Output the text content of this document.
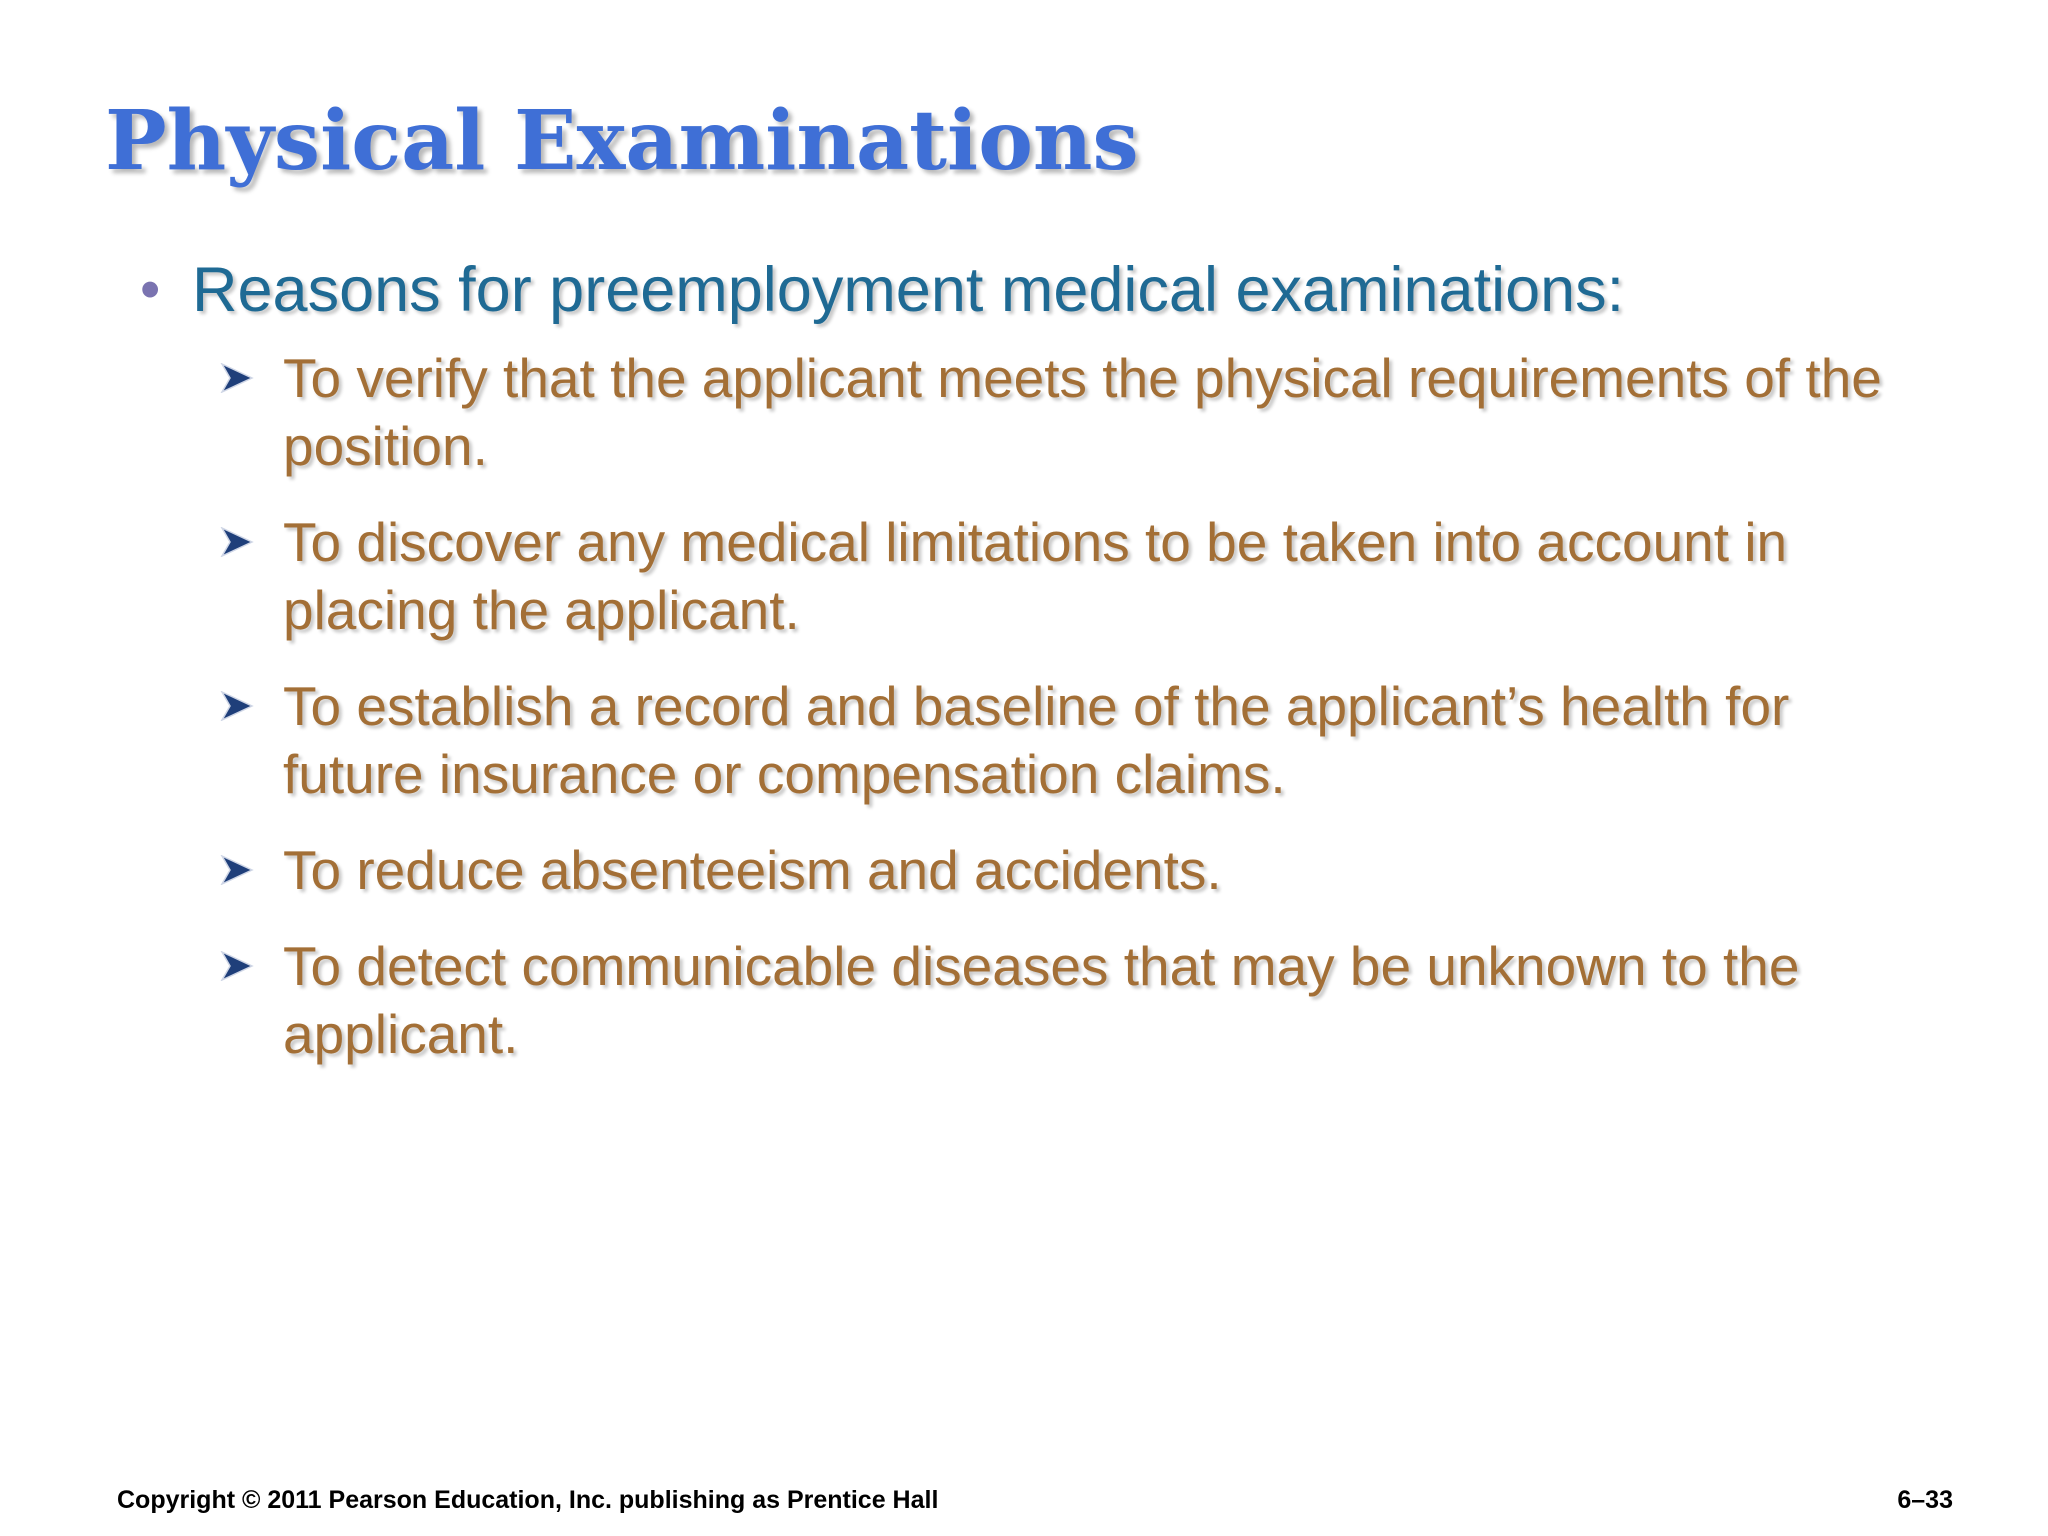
Physical Examinations
• Reasons for preemployment medical examinations:
To verify that the applicant meets the physical requirements of the position.
To discover any medical limitations to be taken into account in placing the applicant.
To establish a record and baseline of the applicant’s health for future insurance or compensation claims.
To reduce absenteeism and accidents.
To detect communicable diseases that may be unknown to the applicant.
Copyright © 2011 Pearson Education, Inc. publishing as Prentice Hall	6–33
